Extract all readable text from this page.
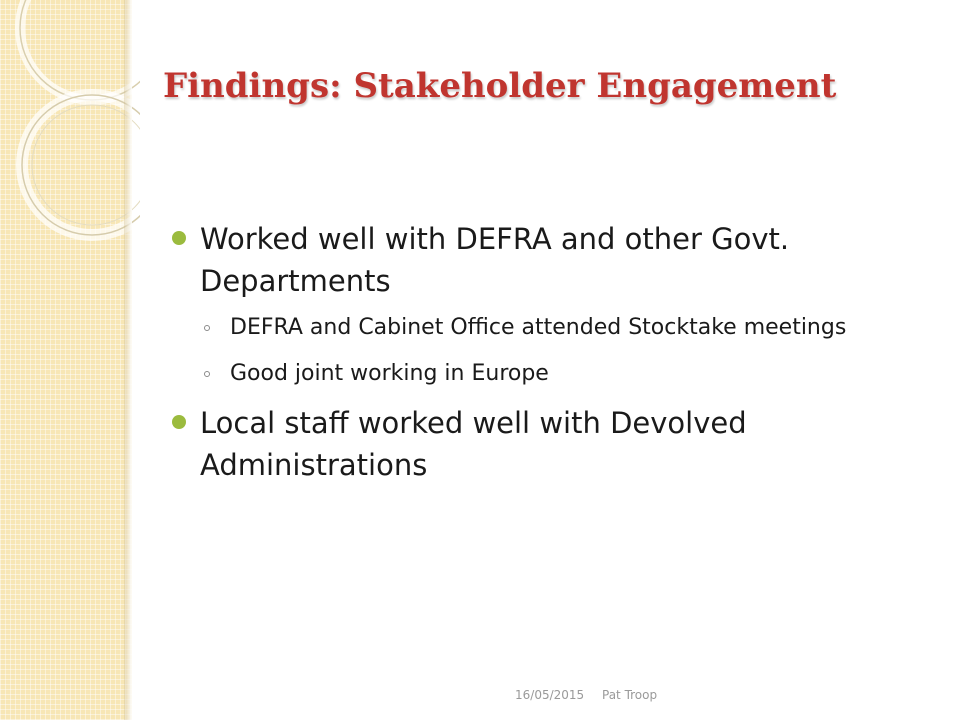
Findings: Stakeholder Engagement
Worked well with DEFRA and other Govt. Departments
DEFRA and Cabinet Office attended Stocktake meetings
Good joint working in Europe
Local staff worked well with Devolved Administrations
16/05/2015 Pat Troop
